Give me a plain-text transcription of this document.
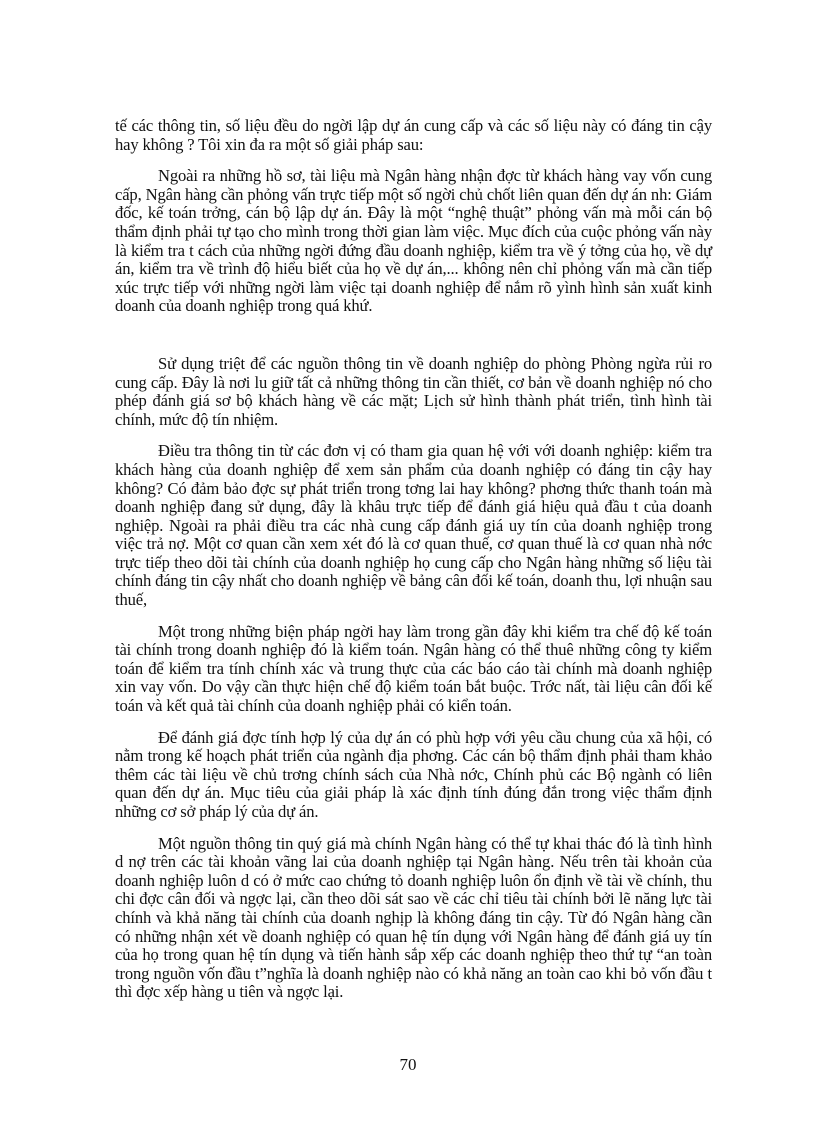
tế các thông tin, số liệu đều do ngời lập dự án cung cấp và các số liệu này có đáng tin cậy hay không ? Tôi xin đa ra một số giải pháp sau:

Ngoài ra những hồ sơ, tài liệu mà Ngân hàng nhận đợc từ khách hàng vay vốn cung cấp, Ngân hàng cần phỏng vấn trực tiếp một số ngời chủ chốt liên quan đến dự án nh: Giám đốc, kế toán trởng, cán bộ lập dự án. Đây là một “nghệ thuật” phỏng vấn mà mỗi cán bộ thẩm định phải tự tạo cho mình trong thời gian làm việc. Mục đích của cuộc phỏng vấn này là kiểm tra t cách của những ngời đứng đầu doanh nghiệp, kiểm tra về ý tởng của họ, về dự án, kiểm tra về trình độ hiểu biết của họ về dự án,... không nên chỉ phỏng vấn mà cần tiếp xúc trực tiếp với những ngời làm việc tại doanh nghiệp để nắm rõ yình hình sản xuất kinh doanh của doanh nghiệp trong quá khứ.

Sử dụng triệt để các nguồn thông tin về doanh nghiệp do phòng Phòng ngừa rủi ro cung cấp. Đây là nơi lu giữ tất cả những thông tin cần thiết, cơ bản về doanh nghiệp nó cho phép đánh giá sơ bộ khách hàng về các mặt; Lịch sử hình thành phát triển, tình hình tài chính, mức độ tín nhiệm.

Điều tra thông tin từ các đơn vị có tham gia quan hệ với với doanh nghiệp: kiểm tra khách hàng của doanh nghiệp để xem sản phẩm của doanh nghiệp có đáng tin cậy hay không? Có đảm bảo đợc sự phát triển trong tơng lai hay không? phơng thức thanh toán mà doanh nghiệp đang sử dụng, đây là khâu trực tiếp để đánh giá hiệu quả đầu t của doanh nghiệp. Ngoài ra phải điều tra các nhà cung cấp đánh giá uy tín của doanh nghiệp trong việc trả nợ. Một cơ quan cần xem xét đó là cơ quan thuế, cơ quan thuế là cơ quan nhà nớc trực tiếp theo dõi tài chính của doanh nghiệp họ cung cấp cho Ngân hàng những số liệu tài chính đáng tin cậy nhất cho doanh nghiệp về bảng cân đối kế toán, doanh thu, lợi nhuận sau thuế,

Một trong những biện pháp ngời hay làm trong gần đây khi kiểm tra chế độ kế toán tài chính trong doanh nghiệp đó là kiểm toán. Ngân hàng có thể thuê những công ty kiểm toán để kiểm tra tính chính xác và trung thực của các báo cáo tài chính mà doanh nghiệp xin vay vốn. Do vậy cần thực hiện chế độ kiểm toán bắt buộc. Trớc nất, tài liệu cân đối kế toán và kết quả tài chính của doanh nghiệp phải có kiển toán.

Để đánh giá đợc tính hợp lý của dự án có phù hợp với yêu cầu chung của xã hội, có nằm trong kế hoạch phát triển của ngành địa phơng. Các cán bộ thẩm định phải tham khảo thêm các tài liệu về chủ trơng chính sách của Nhà nớc, Chính phủ các Bộ ngành có liên quan đến dự án. Mục tiêu của giải pháp là xác định tính đúng đắn trong việc thẩm định những cơ sở pháp lý của dự án.

Một nguồn thông tin quý giá mà chính Ngân hàng có thể tự khai thác đó là tình hình d nợ trên các tài khoản vãng lai của doanh nghiệp tại Ngân hàng. Nếu trên tài khoản của doanh nghiệp luôn d có ở mức cao chứng tỏ doanh nghiệp luôn ổn định về tài về chính, thu chi đợc cân đối và ngợc lại, cần theo dõi sát sao về các chỉ tiêu tài chính bởi lẽ năng lực tài chính và khả năng tài chính của doanh nghịp là không đáng tin cậy. Từ đó Ngân hàng cần có những nhận xét về doanh nghiệp có quan hệ tín dụng với Ngân hàng để đánh giá uy tín của họ trong quan hệ tín dụng và tiến hành sắp xếp các doanh nghiệp theo thứ tự “an toàn trong nguồn vốn đầu t”nghĩa là doanh nghiệp nào có khả năng an toàn cao khi bỏ vốn đầu t thì đợc xếp hàng u tiên và ngợc lại.

70
